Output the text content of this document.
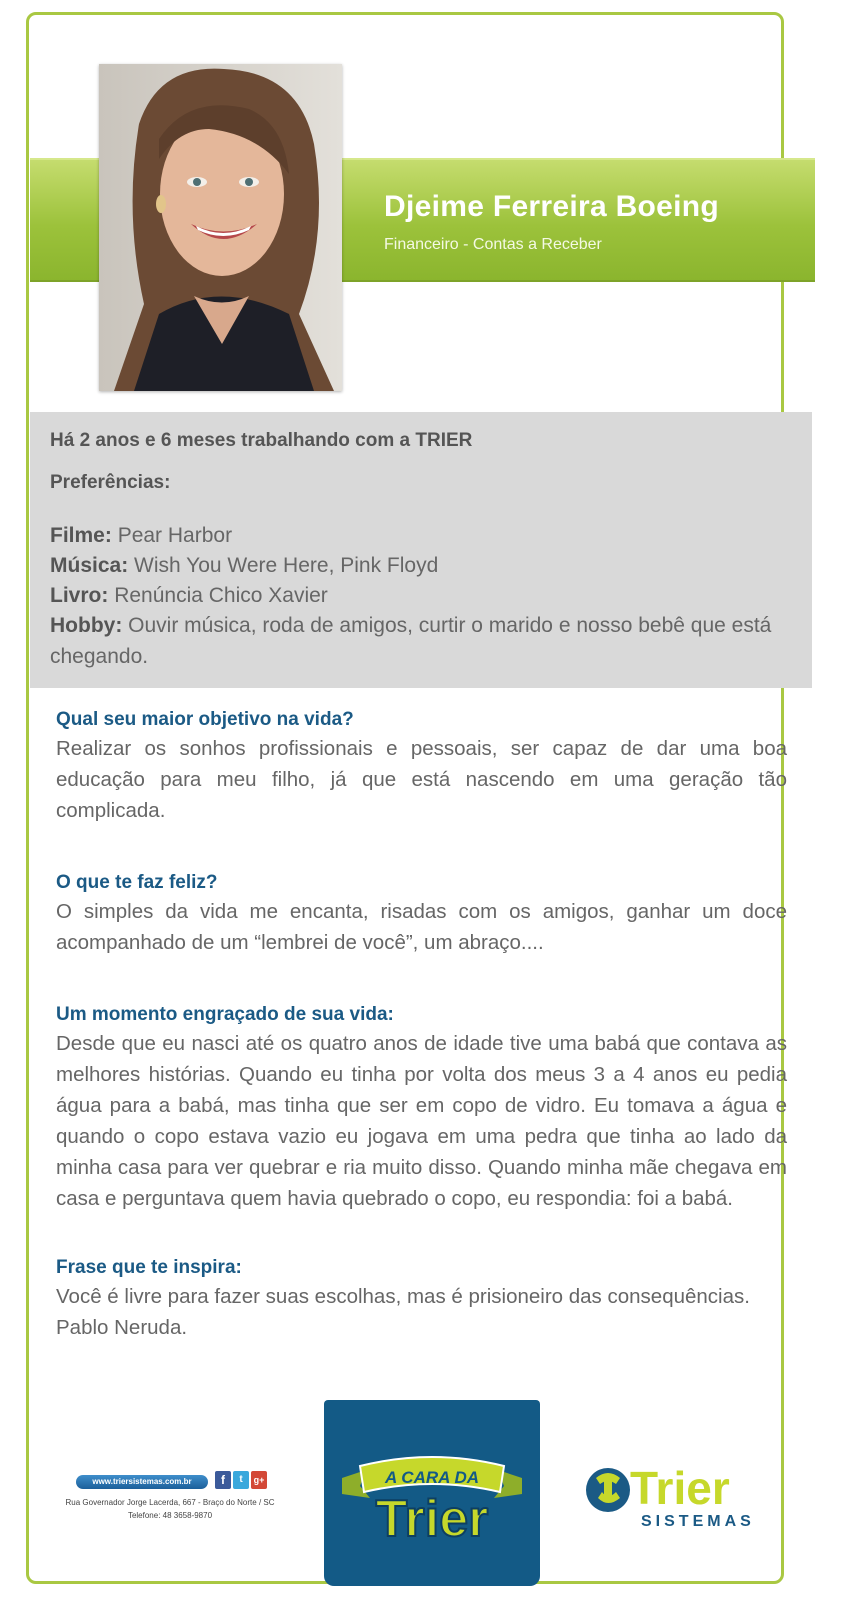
Djeime Ferreira Boeing
Financeiro - Contas a Receber
Há 2 anos e 6 meses trabalhando com a TRIER
Preferências:
Filme: Pear Harbor
Música: Wish You Were Here, Pink Floyd
Livro: Renúncia Chico Xavier
Hobby: Ouvir música, roda de amigos, curtir o marido e nosso bebê que está chegando.
Qual seu maior objetivo na vida?
Realizar os sonhos profissionais e pessoais, ser capaz de dar uma boa educação para meu filho, já que está nascendo em uma geração tão complicada.
O que te faz feliz?
O simples da vida me encanta, risadas com os amigos, ganhar um doce acompanhado de um “lembrei de você”, um abraço....
Um momento engraçado de sua vida:
Desde que eu nasci até os quatro anos de idade tive uma babá que contava as melhores histórias. Quando eu tinha por volta dos meus 3 a 4 anos eu pedia água para a babá, mas tinha que ser em copo de vidro. Eu tomava a água e quando o copo estava vazio eu jogava em uma pedra que tinha ao lado da minha casa para ver quebrar e ria muito disso. Quando minha mãe chegava em casa e perguntava quem havia quebrado o copo, eu respondia: foi a babá.
Frase que te inspira:
Você é livre para fazer suas escolhas, mas é prisioneiro das consequências.
Pablo Neruda.
www.triersistemas.com.br	f	t	g+
Rua Governador Jorge Lacerda, 667 - Braço do Norte / SC
Telefone: 48 3658-9870
A CARA DA
Trier
Trier
SISTEMAS
